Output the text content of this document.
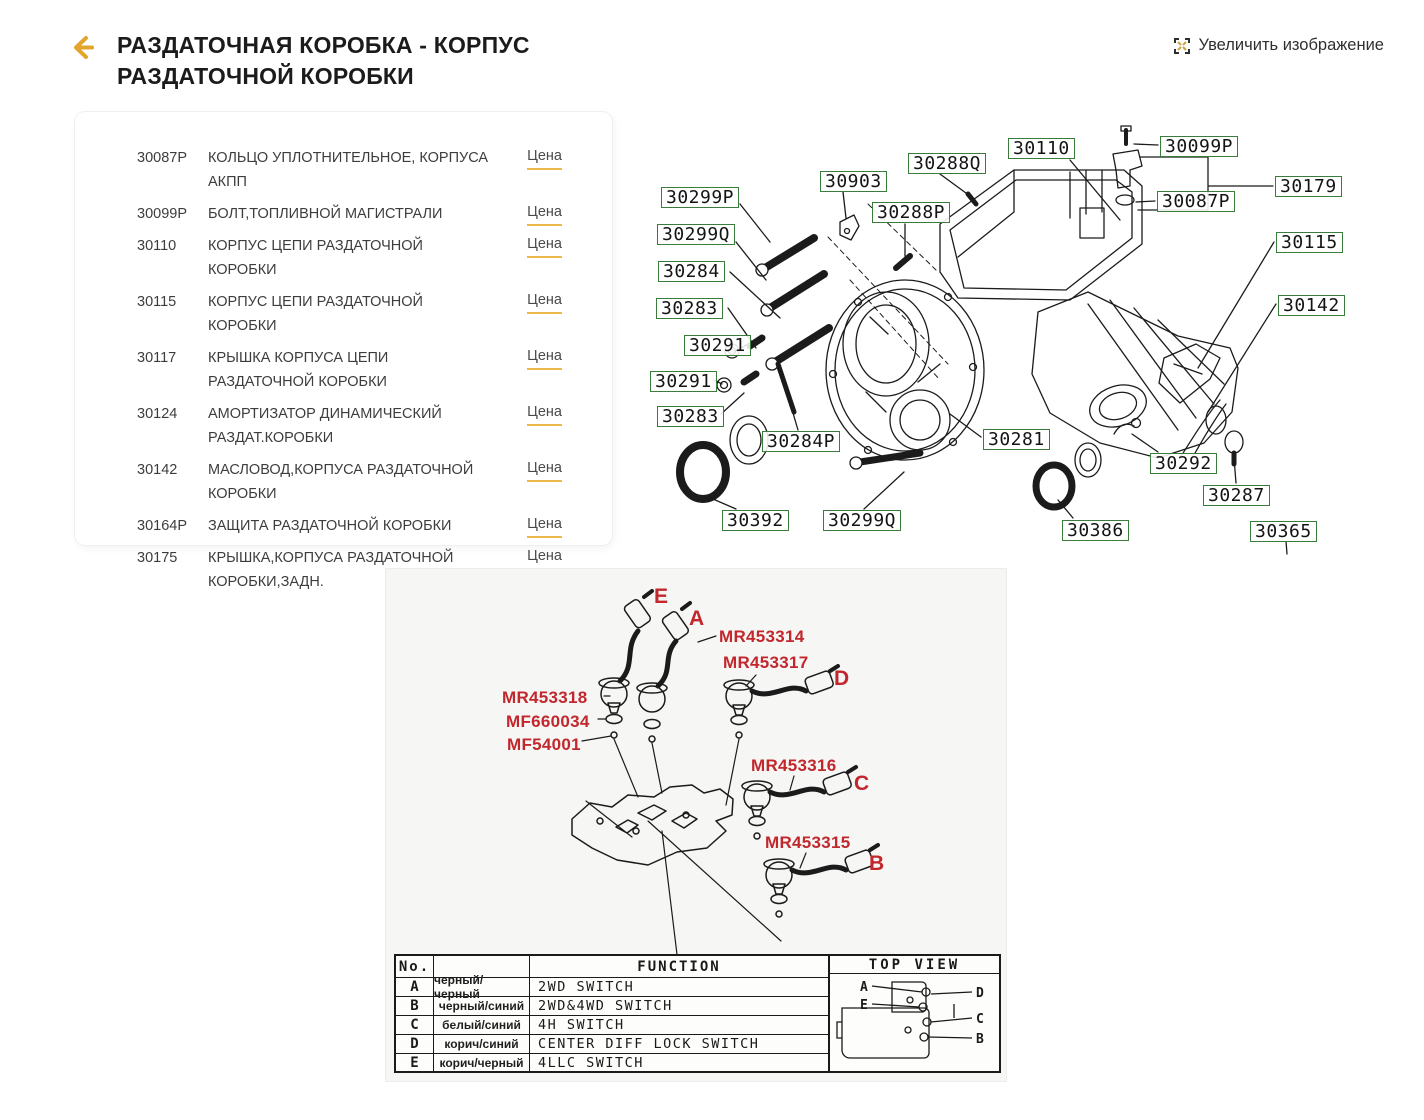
РАЗДАТОЧНАЯ КОРОБКА - КОРПУС
РАЗДАТОЧНОЙ КОРОБКИ
Увеличить изображение
30087P	КОЛЬЦО УПЛОТНИТЕЛЬНОЕ, КОРПУСА АКПП
Цена
30099P	БОЛТ,ТОПЛИВНОЙ МАГИСТРАЛИ	Цена
30110	КОРПУС ЦЕПИ РАЗДАТОЧНОЙ КОРОБКИ
Цена
30115	КОРПУС ЦЕПИ РАЗДАТОЧНОЙ КОРОБКИ
Цена
30117	КРЫШКА КОРПУСА ЦЕПИ РАЗДАТОЧНОЙ КОРОБКИ
Цена
30124	АМОРТИЗАТОР ДИНАМИЧЕСКИЙ РАЗДАТ.КОРОБКИ
Цена
30142	МАСЛОВОД,КОРПУСА РАЗДАТОЧНОЙ КОРОБКИ
Цена
30164P	ЗАЩИТА РАЗДАТОЧНОЙ КОРОБКИ	Цена
30175	КРЫШКА,КОРПУСА РАЗДАТОЧНОЙ КОРОБКИ,ЗАДН.
Цена
30299P
30299Q
30284
30283
30291
30291
30283
30284P
30392 30299Q
30903
30288Q
30288P
30110	30099P
30087P
30179
30115
30142
30281
30292
30287
30386	30365
E
A
D
C
B
MR453314
MR453317
MR453318
MF660034
MF54001
MR453316
MR453315
No.	FUNCTION
A	черный/черный	2WD SWITCH
B	черный/синий	2WD&4WD SWITCH
C	белый/синий	4H SWITCH
D	корич/синий	CENTER DIFF LOCK SWITCH
E	корич/черный	4LLC SWITCH
TOP VIEW
A
E
D
C
B
